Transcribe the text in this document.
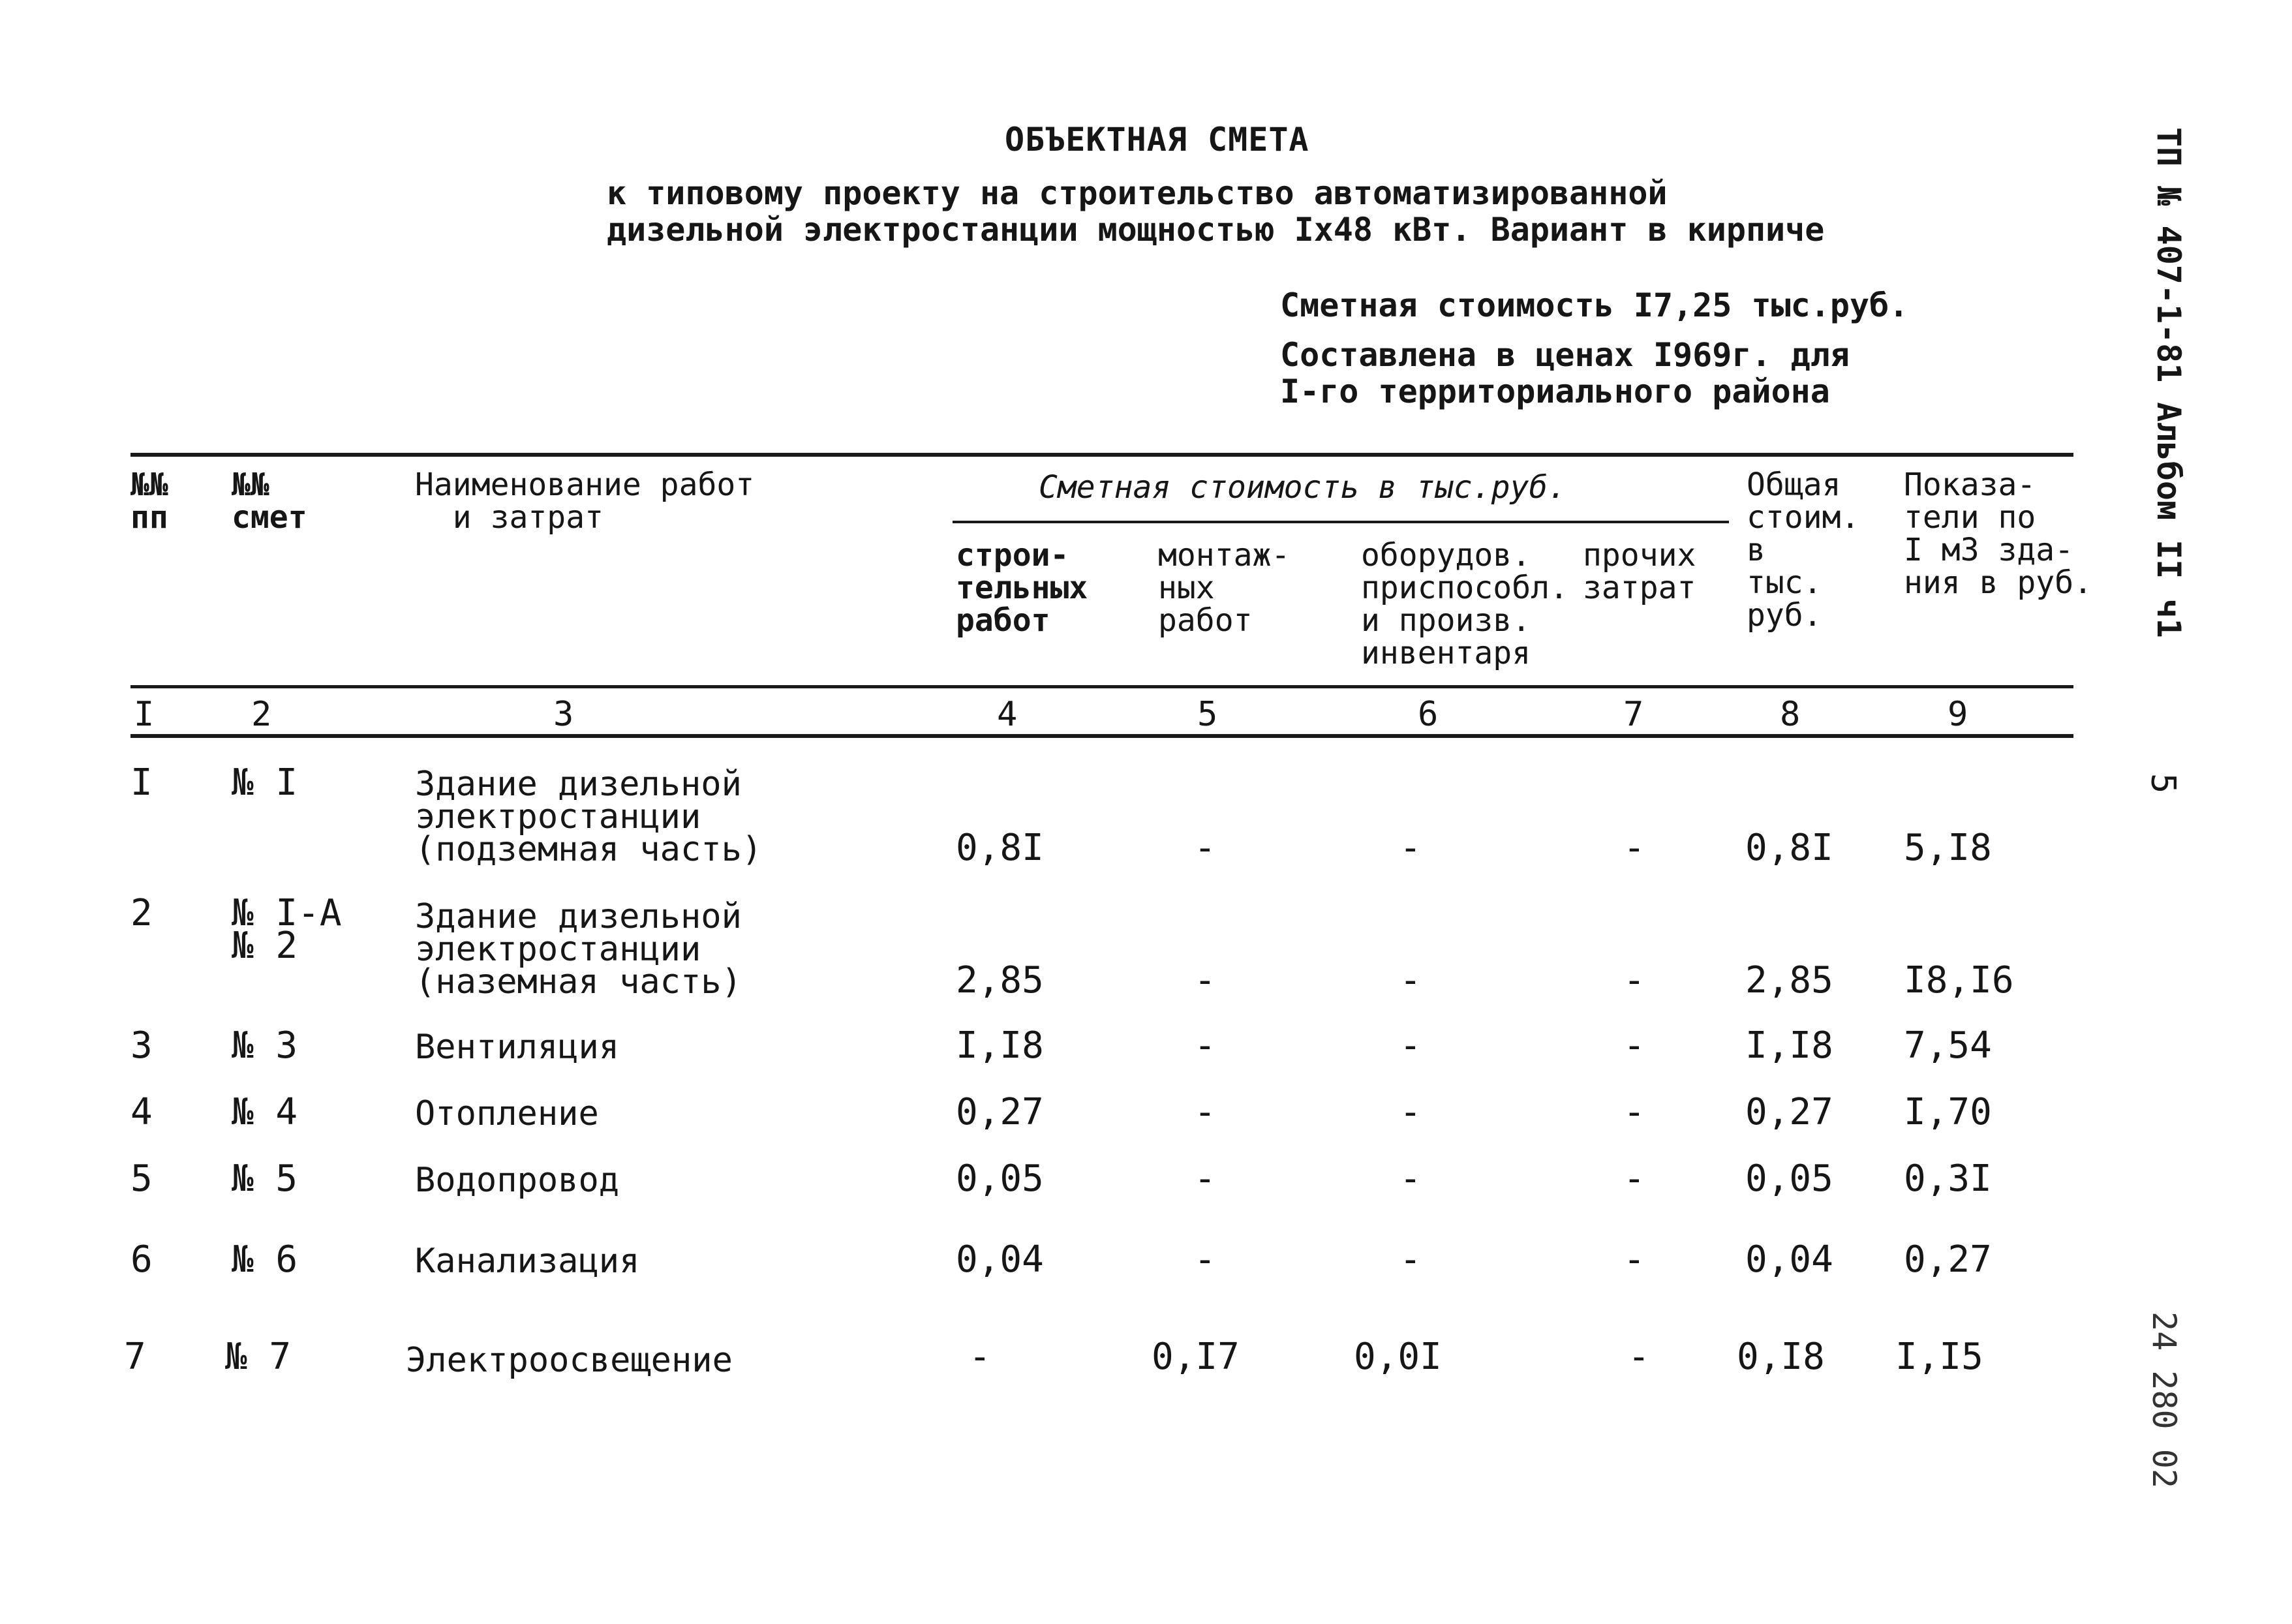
ОБЪЕКТНАЯ СМЕТА
к типовому проекту на строительство автоматизированной
дизельной электростанции мощностью Iх48 кВт. Вариант в кирпиче
Сметная стоимость I7,25 тыс.руб.
Составлена в ценах I969г. для
I-го территориального района	ТП № 407-1-81 Альбом II ч1
5
24 280 02
№№
пп
№№
смет
Наименование работ
и затрат
Сметная стоимость в тыс.руб.
строи-
тельных
работ
монтаж-
ных
работ
оборудов.
приспособл.
и произв.
инвентаря
прочих
затрат
Общая
стоим.
в
тыс.
руб.
Показа-
тели по
I м3 зда-
ния в руб.
I	2	3	4	5	6	7	8	9
I № I	Здание дизельной
электростанции
(подземная часть)	0,8I	-	-	-	0,8I 5,I8
2 № I-А
№ 2
Здание дизельной
электростанции
(наземная часть)	2,85	-	-	-	2,85 I8,I6
3 № 3	Вентиляция	I,I8	-	-	-	I,I8 7,54
4 № 4	Отопление	0,27	-	-	-	0,27 I,70
5 № 5	Водопровод	0,05	-	-	-	0,05 0,3I
6 № 6	Канализация	0,04	-	-	-	0,04 0,27
7 № 7	Электроосвещение	-	0,I7	0,0I	- 0,I8 I,I5
